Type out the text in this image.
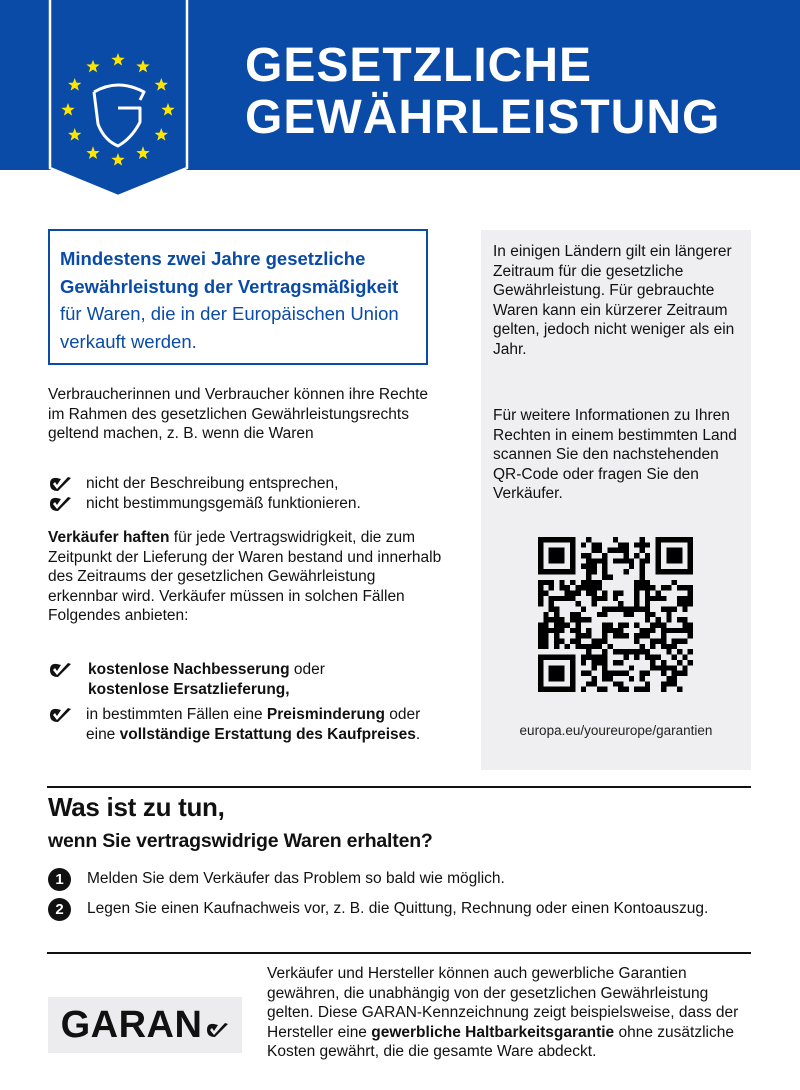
GESETZLICHE
GEWÄHRLEISTUNG
Mindestens zwei Jahre gesetzliche Gewährleistung der Vertragsmäßigkeit für Waren, die in der Europäischen Union verkauft werden.
Verbraucherinnen und Verbraucher können ihre Rechte im Rahmen des gesetzlichen Gewährleistungsrechts geltend machen, z. B. wenn die Waren
nicht der Beschreibung entsprechen,
nicht bestimmungsgemäß funktionieren.
Verkäufer haften für jede Vertragswidrigkeit, die zum Zeitpunkt der Lieferung der Waren bestand und innerhalb des Zeitraums der gesetzlichen Gewährleistung erkennbar wird. Verkäufer müssen in solchen Fällen Folgendes anbieten:
kostenlose Nachbesserung oder
kostenlose Ersatzlieferung,
in bestimmten Fällen eine Preisminderung oder eine vollständige Erstattung des Kaufpreises.
In einigen Ländern gilt ein längerer Zeitraum für die gesetzliche Gewährleistung. Für gebrauchte Waren kann ein kürzerer Zeitraum gelten, jedoch nicht weniger als ein Jahr.
Für weitere Informationen zu Ihren Rechten in einem bestimmten Land scannen Sie den nachstehenden QR-Code oder fragen Sie den Verkäufer.
europa.eu/youreurope/garantien
Was ist zu tun,
wenn Sie vertragswidrige Waren erhalten?
1	Melden Sie dem Verkäufer das Problem so bald wie möglich.
2	Legen Sie einen Kaufnachweis vor, z. B. die Quittung, Rechnung oder einen Kontoauszug.
GARAN
Verkäufer und Hersteller können auch gewerbliche Garantien gewähren, die unabhängig von der gesetzlichen Gewährleistung gelten. Diese GARAN-Kennzeichnung zeigt beispielsweise, dass der Hersteller eine gewerbliche Haltbarkeitsgarantie ohne zusätzliche Kosten gewährt, die die gesamte Ware abdeckt.
